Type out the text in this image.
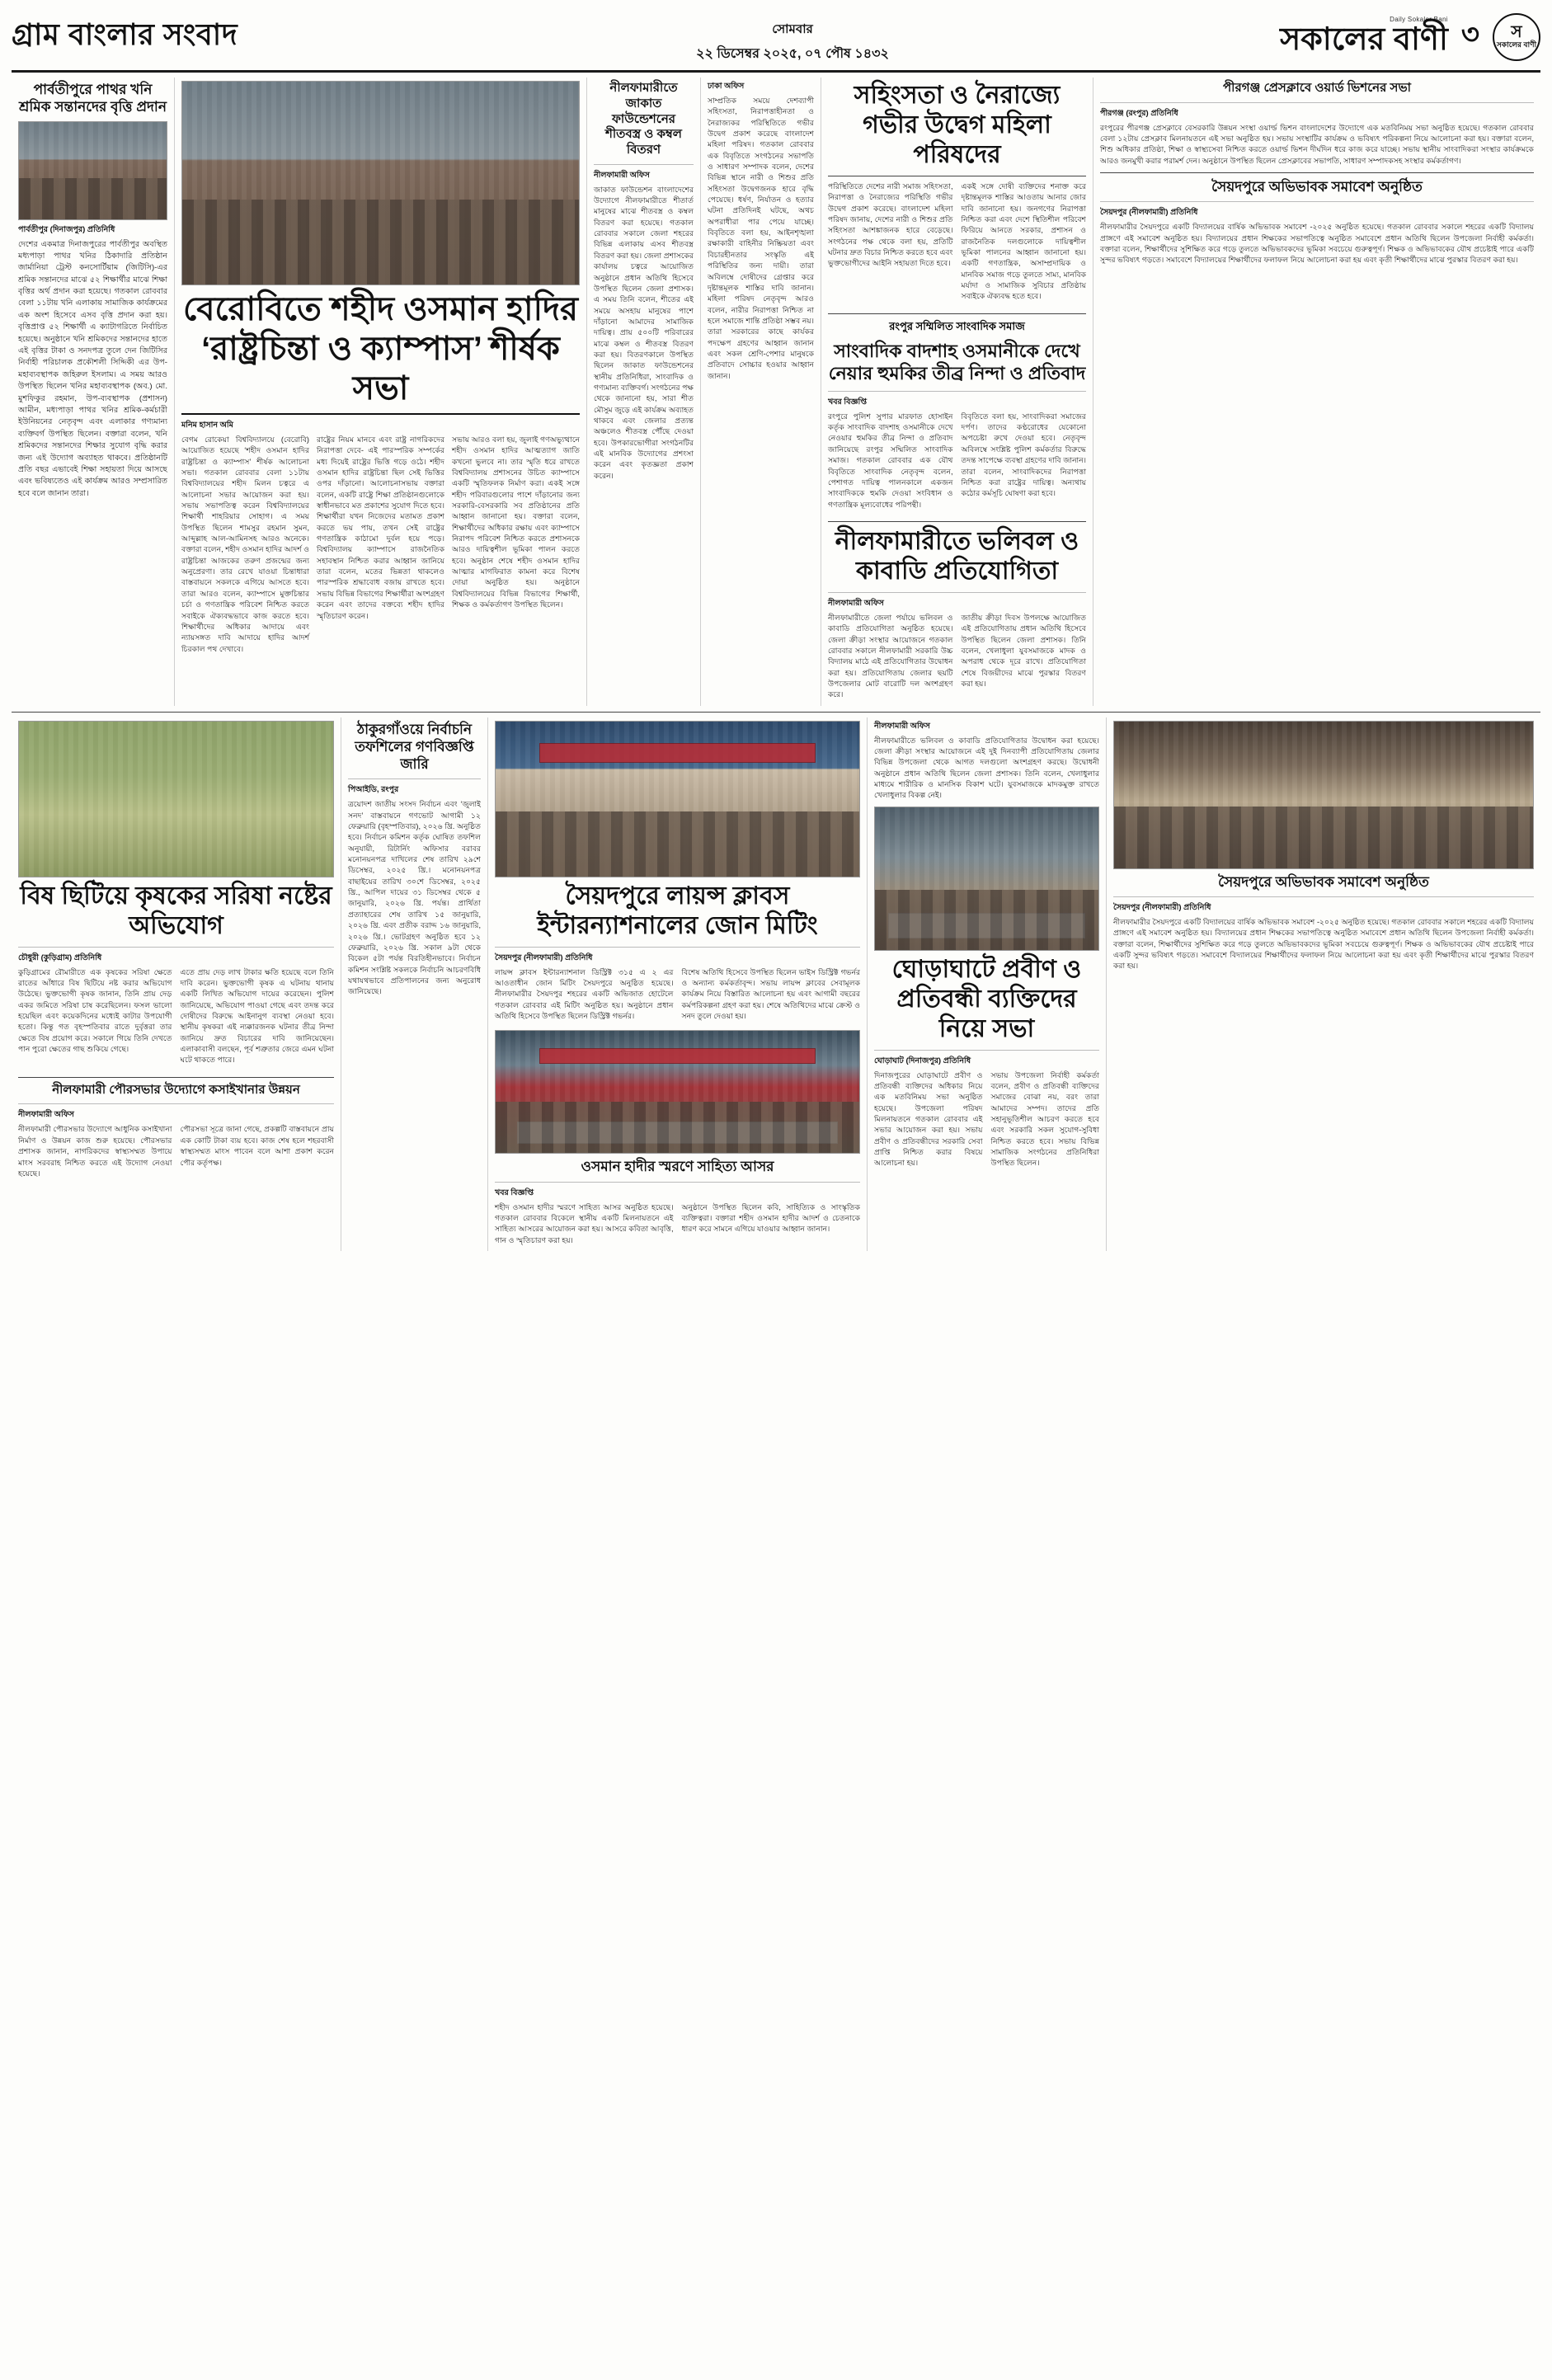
গ্রাম বাংলার সংবাদ	সোমবার
২২ ডিসেম্বর ২০২৫, ০৭ পৌষ ১৪৩২
Daily Sokaler Bani
সকালের বাণী ৩	স
সকালের বাণী
পার্বতীপুরে পাথর খনি শ্রমিক সন্তানদের বৃত্তি প্রদান
পার্বতীপুর (দিনাজপুর) প্রতিনিধি
দেশের একমাত্র দিনাজপুরের পার্বতীপুর অবস্থিত মধ্যপাড়া পাথর খনির ঠিকাদারি প্রতিষ্ঠান জার্মানিয়া ট্রেস্ট কনসোর্টিয়াম (জিটিসি)-এর শ্রমিক সন্তানদের মাঝে ৫২ শিক্ষার্থীর মাঝে শিক্ষা বৃত্তির অর্থ প্রদান করা হয়েছে। গতকাল রোববার বেলা ১১টায় খনি এলাকায় সামাজিক কার্যক্রমের এক অংশ হিসেবে এসব বৃত্তি প্রদান করা হয়। বৃত্তিপ্রাপ্ত ৫২ শিক্ষার্থী এ ক্যাটাগরিতে নির্বাচিত হয়েছে। অনুষ্ঠানে খনি শ্রমিকদের সন্তানদের হাতে এই বৃত্তির টাকা ও সনদপত্র তুলে দেন জিটিসির নির্বাহী পরিচালক প্রকৌশলী সিদ্দিকী এর উপ-মহাব্যবস্থাপক জহিরুল ইসলাম। এ সময় আরও উপস্থিত ছিলেন খনির মহাব্যবস্থাপক (অব.) মো. মুশফিকুর রহমান, উপ-ব্যবস্থাপক (প্রশাসন) আমীন, মধ্যপাড়া পাথর খনির শ্রমিক-কর্মচারী ইউনিয়নের নেতৃবৃন্দ এবং এলাকার গণ্যমান্য ব্যক্তিবর্গ উপস্থিত ছিলেন। বক্তারা বলেন, খনি শ্রমিকদের সন্তানদের শিক্ষার সুযোগ বৃদ্ধি করার জন্য এই উদ্যোগ অব্যাহত থাকবে। প্রতিষ্ঠানটি প্রতি বছর এভাবেই শিক্ষা সহায়তা দিয়ে আসছে এবং ভবিষ্যতেও এই কার্যক্রম আরও সম্প্রসারিত হবে বলে জানান তারা।
বেরোবিতে শহীদ ওসমান হাদির ‘রাষ্ট্রচিন্তা ও ক্যাম্পাস’ শীর্ষক সভা
মনিম হাসান অমি
বেগম রোকেয়া বিশ্ববিদ্যালয়ে (বেরোবি) আয়োজিত হয়েছে ‘শহীদ ওসমান হাদির রাষ্ট্রচিন্তা ও ক্যাম্পাস’ শীর্ষক আলোচনা সভা। গতকাল রোববার বেলা ১১টায় বিশ্ববিদ্যালয়ের শহীদ মিলন চত্বরে এ আলোচনা সভার আয়োজন করা হয়। সভায় সভাপতিত্ব করেন বিশ্ববিদ্যালয়ের শিক্ষার্থী শাহরিয়ার সোহাগ। এ সময় উপস্থিত ছিলেন শামসুর রহমান সুমন, আব্দুল্লাহ আল-আমিনসহ আরও অনেকে। বক্তারা বলেন, শহীদ ওসমান হাদির আদর্শ ও রাষ্ট্রচিন্তা আজকের তরুণ প্রজন্মের জন্য অনুপ্রেরণা। তার রেখে যাওয়া চিন্তাধারা বাস্তবায়নে সকলকে এগিয়ে আসতে হবে। তারা আরও বলেন, ক্যাম্পাসে মুক্তচিন্তার চর্চা ও গণতান্ত্রিক পরিবেশ নিশ্চিত করতে সবাইকে ঐক্যবদ্ধভাবে কাজ করতে হবে। শিক্ষার্থীদের অধিকার আদায়ে এবং ন্যায়সঙ্গত দাবি আদায়ে হাদির আদর্শ চিরকাল পথ দেখাবে।
রাষ্ট্রের নিয়ম মানবে এবং রাষ্ট্র নাগরিকদের নিরাপত্তা দেবে- এই পারস্পরিক সম্পর্কের মধ্য দিয়েই রাষ্ট্রের ভিত্তি গড়ে ওঠে। শহীদ ওসমান হাদির রাষ্ট্রচিন্তা ছিল সেই ভিত্তির ওপর দাঁড়ানো। আলোচনাসভায় বক্তারা বলেন, একটি রাষ্ট্রে শিক্ষা প্রতিষ্ঠানগুলোকে স্বাধীনভাবে মত প্রকাশের সুযোগ দিতে হবে। শিক্ষার্থীরা যখন নিজেদের মতামত প্রকাশ করতে ভয় পায়, তখন সেই রাষ্ট্রের গণতান্ত্রিক কাঠামো দুর্বল হয়ে পড়ে। বিশ্ববিদ্যালয় ক্যাম্পাসে রাজনৈতিক সহাবস্থান নিশ্চিত করার আহ্বান জানিয়ে তারা বলেন, মতের ভিন্নতা থাকলেও পারস্পরিক শ্রদ্ধাবোধ বজায় রাখতে হবে। সভায় বিভিন্ন বিভাগের শিক্ষার্থীরা অংশগ্রহণ করেন এবং তাদের বক্তব্যে শহীদ হাদির স্মৃতিচারণ করেন।
সভায় আরও বলা হয়, জুলাই গণঅভ্যুত্থানে শহীদ ওসমান হাদির আত্মত্যাগ জাতি কখনো ভুলবে না। তার স্মৃতি ধরে রাখতে বিশ্ববিদ্যালয় প্রশাসনের উচিত ক্যাম্পাসে একটি স্মৃতিফলক নির্মাণ করা। একই সঙ্গে শহীদ পরিবারগুলোর পাশে দাঁড়ানোর জন্য সরকারি-বেসরকারি সব প্রতিষ্ঠানের প্রতি আহ্বান জানানো হয়। বক্তারা বলেন, শিক্ষার্থীদের অধিকার রক্ষায় এবং ক্যাম্পাসে নিরাপদ পরিবেশ নিশ্চিত করতে প্রশাসনকে আরও দায়িত্বশীল ভূমিকা পালন করতে হবে। অনুষ্ঠান শেষে শহীদ ওসমান হাদির আত্মার মাগফিরাত কামনা করে বিশেষ দোয়া অনুষ্ঠিত হয়। অনুষ্ঠানে বিশ্ববিদ্যালয়ের বিভিন্ন বিভাগের শিক্ষার্থী, শিক্ষক ও কর্মকর্তাগণ উপস্থিত ছিলেন।
নীলফামারীতে জাকাত ফাউন্ডেশনের শীতবস্ত্র ও কম্বল বিতরণ
নীলফামারী অফিস
জাকাত ফাউন্ডেশন বাংলাদেশের উদ্যোগে নীলফামারীতে শীতার্ত মানুষের মাঝে শীতবস্ত্র ও কম্বল বিতরণ করা হয়েছে। গতকাল রোববার সকালে জেলা শহরের বিভিন্ন এলাকায় এসব শীতবস্ত্র বিতরণ করা হয়। জেলা প্রশাসকের কার্যালয় চত্বরে আয়োজিত অনুষ্ঠানে প্রধান অতিথি হিসেবে উপস্থিত ছিলেন জেলা প্রশাসক। এ সময় তিনি বলেন, শীতের এই সময়ে অসহায় মানুষের পাশে দাঁড়ানো আমাদের সামাজিক দায়িত্ব। প্রায় ৫০০টি পরিবারের মাঝে কম্বল ও শীতবস্ত্র বিতরণ করা হয়। বিতরণকালে উপস্থিত ছিলেন জাকাত ফাউন্ডেশনের স্থানীয় প্রতিনিধিরা, সাংবাদিক ও গণ্যমান্য ব্যক্তিবর্গ। সংগঠনের পক্ষ থেকে জানানো হয়, সারা শীত মৌসুম জুড়ে এই কার্যক্রম অব্যাহত থাকবে এবং জেলার প্রত্যন্ত অঞ্চলেও শীতবস্ত্র পৌঁছে দেওয়া হবে। উপকারভোগীরা সংগঠনটির এই মানবিক উদ্যোগের প্রশংসা করেন এবং কৃতজ্ঞতা প্রকাশ করেন।
ঢাকা অফিস
সাম্প্রতিক সময়ে দেশব্যাপী সহিংসতা, নিরাপত্তাহীনতা ও নৈরাজ্যকর পরিস্থিতিতে গভীর উদ্বেগ প্রকাশ করেছে বাংলাদেশ মহিলা পরিষদ। গতকাল রোববার এক বিবৃতিতে সংগঠনের সভাপতি ও সাধারণ সম্পাদক বলেন, দেশের বিভিন্ন স্থানে নারী ও শিশুর প্রতি সহিংসতা উদ্বেগজনক হারে বৃদ্ধি পেয়েছে। ধর্ষণ, নির্যাতন ও হত্যার ঘটনা প্রতিদিনই ঘটছে, অথচ অপরাধীরা পার পেয়ে যাচ্ছে। বিবৃতিতে বলা হয়, আইনশৃঙ্খলা রক্ষাকারী বাহিনীর নিষ্ক্রিয়তা এবং বিচারহীনতার সংস্কৃতি এই পরিস্থিতির জন্য দায়ী। তারা অবিলম্বে দোষীদের গ্রেপ্তার করে দৃষ্টান্তমূলক শাস্তির দাবি জানান। মহিলা পরিষদ নেতৃবৃন্দ আরও বলেন, নারীর নিরাপত্তা নিশ্চিত না হলে সমাজে শান্তি প্রতিষ্ঠা সম্ভব নয়। তারা সরকারের কাছে কার্যকর পদক্ষেপ গ্রহণের আহ্বান জানান এবং সকল শ্রেণি-পেশার মানুষকে প্রতিবাদে সোচ্চার হওয়ার আহ্বান জানান।
সহিংসতা ও নৈরাজ্যে গভীর উদ্বেগ মহিলা পরিষদের
পরিস্থিতিতে দেশের নারী সমাজ সহিংসতা, নিরাপত্তা ও নৈরাজ্যের পরিস্থিতি গভীর উদ্বেগ প্রকাশ করেছে। বাংলাদেশ মহিলা পরিষদ জানায়, দেশের নারী ও শিশুর প্রতি সহিংসতা আশঙ্কাজনক হারে বেড়েছে। সংগঠনের পক্ষ থেকে বলা হয়, প্রতিটি ঘটনার দ্রুত বিচার নিশ্চিত করতে হবে এবং ভুক্তভোগীদের আইনি সহায়তা দিতে হবে।
একই সঙ্গে দোষী ব্যক্তিদের শনাক্ত করে দৃষ্টান্তমূলক শাস্তির আওতায় আনার জোর দাবি জানানো হয়। জনগণের নিরাপত্তা নিশ্চিত করা এবং দেশে স্থিতিশীল পরিবেশ ফিরিয়ে আনতে সরকার, প্রশাসন ও রাজনৈতিক দলগুলোকে দায়িত্বশীল ভূমিকা পালনের আহ্বান জানানো হয়। একটি গণতান্ত্রিক, অসাম্প্রদায়িক ও মানবিক সমাজ গড়ে তুলতে সাম্য, মানবিক মর্যাদা ও সামাজিক সুবিচার প্রতিষ্ঠায় সবাইকে ঐক্যবদ্ধ হতে হবে।
রংপুর সম্মিলিত সাংবাদিক সমাজ
সাংবাদিক বাদশাহ ওসমানীকে দেখে নেয়ার হুমকির তীব্র নিন্দা ও প্রতিবাদ
খবর বিজ্ঞপ্তি
রংপুরে পুলিশ সুপার মারফাত হোসাইন কর্তৃক সাংবাদিক বাদশাহ ওসমানীকে দেখে নেওয়ার হুমকির তীব্র নিন্দা ও প্রতিবাদ জানিয়েছে রংপুর সম্মিলিত সাংবাদিক সমাজ। গতকাল রোববার এক যৌথ বিবৃতিতে সাংবাদিক নেতৃবৃন্দ বলেন, পেশাগত দায়িত্ব পালনকালে একজন সাংবাদিককে হুমকি দেওয়া সংবিধান ও গণতান্ত্রিক মূল্যবোধের পরিপন্থী।
বিবৃতিতে বলা হয়, সাংবাদিকরা সমাজের দর্পণ। তাদের কণ্ঠরোধের যেকোনো অপচেষ্টা রুখে দেওয়া হবে। নেতৃবৃন্দ অবিলম্বে সংশ্লিষ্ট পুলিশ কর্মকর্তার বিরুদ্ধে তদন্ত সাপেক্ষে ব্যবস্থা গ্রহণের দাবি জানান। তারা বলেন, সাংবাদিকদের নিরাপত্তা নিশ্চিত করা রাষ্ট্রের দায়িত্ব। অন্যথায় কঠোর কর্মসূচি ঘোষণা করা হবে।
নীলফামারীতে ভলিবল ও কাবাডি প্রতিযোগিতা
নীলফামারী অফিস
নীলফামারীতে জেলা পর্যায়ে ভলিবল ও কাবাডি প্রতিযোগিতা অনুষ্ঠিত হয়েছে। জেলা ক্রীড়া সংস্থার আয়োজনে গতকাল রোববার সকালে নীলফামারী সরকারি উচ্চ বিদ্যালয় মাঠে এই প্রতিযোগিতার উদ্বোধন করা হয়। প্রতিযোগিতায় জেলার ছয়টি উপজেলার মোট বারোটি দল অংশগ্রহণ করে।
জাতীয় ক্রীড়া দিবস উপলক্ষে আয়োজিত এই প্রতিযোগিতায় প্রধান অতিথি হিসেবে উপস্থিত ছিলেন জেলা প্রশাসক। তিনি বলেন, খেলাধুলা যুবসমাজকে মাদক ও অপরাধ থেকে দূরে রাখে। প্রতিযোগিতা শেষে বিজয়ীদের মাঝে পুরস্কার বিতরণ করা হয়।
পীরগঞ্জ প্রেসক্লাবে ওয়ার্ড ভিশনের সভা
পীরগঞ্জ (রংপুর) প্রতিনিধি
রংপুরের পীরগঞ্জ প্রেসক্লাবে বেসরকারি উন্নয়ন সংস্থা ওয়ার্ল্ড ভিশন বাংলাদেশের উদ্যোগে এক মতবিনিময় সভা অনুষ্ঠিত হয়েছে। গতকাল রোববার বেলা ১২টায় প্রেসক্লাব মিলনায়তনে এই সভা অনুষ্ঠিত হয়। সভায় সংস্থাটির কার্যক্রম ও ভবিষ্যৎ পরিকল্পনা নিয়ে আলোচনা করা হয়। বক্তারা বলেন, শিশু অধিকার প্রতিষ্ঠা, শিক্ষা ও স্বাস্থ্যসেবা নিশ্চিত করতে ওয়ার্ল্ড ভিশন দীর্ঘদিন ধরে কাজ করে যাচ্ছে। সভায় স্থানীয় সাংবাদিকরা সংস্থার কার্যক্রমকে আরও জনমুখী করার পরামর্শ দেন। অনুষ্ঠানে উপস্থিত ছিলেন প্রেসক্লাবের সভাপতি, সাধারণ সম্পাদকসহ সংস্থার কর্মকর্তাগণ।
সৈয়দপুরে অভিভাবক সমাবেশ অনুষ্ঠিত
সৈয়দপুর (নীলফামারী) প্রতিনিধি
নীলফামারীর সৈয়দপুরে একটি বিদ্যালয়ের বার্ষিক অভিভাবক সমাবেশ -২০২৫ অনুষ্ঠিত হয়েছে। গতকাল রোববার সকালে শহরের একটি বিদ্যালয় প্রাঙ্গণে এই সমাবেশ অনুষ্ঠিত হয়। বিদ্যালয়ের প্রধান শিক্ষকের সভাপতিত্বে অনুষ্ঠিত সমাবেশে প্রধান অতিথি ছিলেন উপজেলা নির্বাহী কর্মকর্তা। বক্তারা বলেন, শিক্ষার্থীদের সুশিক্ষিত করে গড়ে তুলতে অভিভাবকদের ভূমিকা সবচেয়ে গুরুত্বপূর্ণ। শিক্ষক ও অভিভাবকের যৌথ প্রচেষ্টাই পারে একটি সুন্দর ভবিষ্যৎ গড়তে। সমাবেশে বিদ্যালয়ের শিক্ষার্থীদের ফলাফল নিয়ে আলোচনা করা হয় এবং কৃতী শিক্ষার্থীদের মাঝে পুরস্কার বিতরণ করা হয়।
বিষ ছিটিয়ে কৃষকের সরিষা নষ্টের অভিযোগ
চৌধুরী (কুড়িগ্রাম) প্রতিনিধি
কুড়িগ্রামের রৌমারীতে এক কৃষকের সরিষা ক্ষেতে রাতের আঁধারে বিষ ছিটিয়ে নষ্ট করার অভিযোগ উঠেছে। ভুক্তভোগী কৃষক জানান, তিনি প্রায় দেড় একর জমিতে সরিষা চাষ করেছিলেন। ফসল ভালো হয়েছিল এবং কয়েকদিনের মধ্যেই কাটার উপযোগী হতো। কিন্তু গত বৃহস্পতিবার রাতে দুর্বৃত্তরা তার ক্ষেতে বিষ প্রয়োগ করে। সকালে গিয়ে তিনি দেখতে পান পুরো ক্ষেতের গাছ শুকিয়ে গেছে।
এতে প্রায় দেড় লাখ টাকার ক্ষতি হয়েছে বলে তিনি দাবি করেন। ভুক্তভোগী কৃষক এ ঘটনায় থানায় একটি লিখিত অভিযোগ দায়ের করেছেন। পুলিশ জানিয়েছে, অভিযোগ পাওয়া গেছে এবং তদন্ত করে দোষীদের বিরুদ্ধে আইনানুগ ব্যবস্থা নেওয়া হবে। স্থানীয় কৃষকরা এই ন্যক্কারজনক ঘটনার তীব্র নিন্দা জানিয়ে দ্রুত বিচারের দাবি জানিয়েছেন। এলাকাবাসী বলছেন, পূর্ব শত্রুতার জেরে এমন ঘটনা ঘটে থাকতে পারে।
নীলফামারী পৌরসভার উদ্যোগে কসাইখানার উন্নয়ন
নীলফামারী অফিস
নীলফামারী পৌরসভার উদ্যোগে আধুনিক কসাইখানা নির্মাণ ও উন্নয়ন কাজ শুরু হয়েছে। পৌরসভার প্রশাসক জানান, নাগরিকদের স্বাস্থ্যসম্মত উপায়ে মাংস সরবরাহ নিশ্চিত করতে এই উদ্যোগ নেওয়া হয়েছে।
পৌরসভা সূত্রে জানা গেছে, প্রকল্পটি বাস্তবায়নে প্রায় এক কোটি টাকা ব্যয় হবে। কাজ শেষ হলে শহরবাসী স্বাস্থ্যসম্মত মাংস পাবেন বলে আশা প্রকাশ করেন পৌর কর্তৃপক্ষ।
ঠাকুরগাঁওয়ে নির্বাচনি তফশিলের গণবিজ্ঞপ্তি জারি
পিআইডি, রংপুর
ত্রয়োদশ জাতীয় সংসদ নির্বাচন এবং ‘জুলাই সনদ’ বাস্তবায়নে গণভোট আগামী ১২ ফেব্রুয়ারি (বৃহস্পতিবার), ২০২৬ খ্রি. অনুষ্ঠিত হবে। নির্বাচন কমিশন কর্তৃক ঘোষিত তফশিল অনুযায়ী, রিটার্নিং অফিসার বরাবর মনোনয়নপত্র দাখিলের শেষ তারিখ ২৯শে ডিসেম্বর, ২০২৫ খ্রি.। মনোনয়নপত্র বাছাইয়ের তারিখ ৩০শে ডিসেম্বর, ২০২৫ খ্রি., আপিল দায়ের ৩১ ডিসেম্বর থেকে ৫ জানুয়ারি, ২০২৬ খ্রি. পর্যন্ত। প্রার্থিতা প্রত্যাহারের শেষ তারিখ ১৫ জানুয়ারি, ২০২৬ খ্রি. এবং প্রতীক বরাদ্দ ১৬ জানুয়ারি, ২০২৬ খ্রি.। ভোটগ্রহণ অনুষ্ঠিত হবে ১২ ফেব্রুয়ারি, ২০২৬ খ্রি. সকাল ৯টা থেকে বিকেল ৫টা পর্যন্ত বিরতিহীনভাবে। নির্বাচন কমিশন সংশ্লিষ্ট সকলকে নির্বাচনি আচরণবিধি যথাযথভাবে প্রতিপালনের জন্য অনুরোধ জানিয়েছে।
সৈয়দপুরে লায়ন্স ক্লাবস ইন্টারন্যাশনালের জোন মিটিং
সৈয়দপুর (নীলফামারী) প্রতিনিধি
লায়ন্স ক্লাবস ইন্টারন্যাশনাল ডিস্ট্রিক্ট ৩১৫ এ ২ এর আওতাধীন জোন মিটিং সৈয়দপুরে অনুষ্ঠিত হয়েছে। নীলফামারীর সৈয়দপুর শহরের একটি অভিজাত হোটেলে গতকাল রোববার এই মিটিং অনুষ্ঠিত হয়। অনুষ্ঠানে প্রধান অতিথি হিসেবে উপস্থিত ছিলেন ডিস্ট্রিক্ট গভর্নর।
বিশেষ অতিথি হিসেবে উপস্থিত ছিলেন ভাইস ডিস্ট্রিক্ট গভর্নর ও অন্যান্য কর্মকর্তাবৃন্দ। সভায় লায়ন্স ক্লাবের সেবামূলক কার্যক্রম নিয়ে বিস্তারিত আলোচনা হয় এবং আগামী বছরের কর্মপরিকল্পনা গ্রহণ করা হয়। শেষে অতিথিদের মাঝে ক্রেস্ট ও সনদ তুলে দেওয়া হয়।
ওসমান হাদীর স্মরণে সাহিত্য আসর
খবর বিজ্ঞপ্তি
শহীদ ওসমান হাদীর স্মরণে সাহিত্য আসর অনুষ্ঠিত হয়েছে। গতকাল রোববার বিকেলে স্থানীয় একটি মিলনায়তনে এই সাহিত্য আসরের আয়োজন করা হয়। আসরে কবিতা আবৃত্তি, গান ও স্মৃতিচারণ করা হয়।
অনুষ্ঠানে উপস্থিত ছিলেন কবি, সাহিত্যিক ও সাংস্কৃতিক ব্যক্তিত্বরা। বক্তারা শহীদ ওসমান হাদীর আদর্শ ও চেতনাকে ধারণ করে সামনে এগিয়ে যাওয়ার আহ্বান জানান।
নীলফামারী অফিস
নীলফামারীতে ভলিবল ও কাবাডি প্রতিযোগিতার উদ্বোধন করা হয়েছে। জেলা ক্রীড়া সংস্থার আয়োজনে এই দুই দিনব্যাপী প্রতিযোগিতায় জেলার বিভিন্ন উপজেলা থেকে আগত দলগুলো অংশগ্রহণ করছে। উদ্বোধনী অনুষ্ঠানে প্রধান অতিথি ছিলেন জেলা প্রশাসক। তিনি বলেন, খেলাধুলার মাধ্যমে শারীরিক ও মানসিক বিকাশ ঘটে। যুবসমাজকে মাদকমুক্ত রাখতে খেলাধুলার বিকল্প নেই।
ঘোড়াঘাটে প্রবীণ ও প্রতিবন্ধী ব্যক্তিদের নিয়ে সভা
ঘোড়াঘাট (দিনাজপুর) প্রতিনিধি
দিনাজপুরের ঘোড়াঘাটে প্রবীণ ও প্রতিবন্ধী ব্যক্তিদের অধিকার নিয়ে এক মতবিনিময় সভা অনুষ্ঠিত হয়েছে। উপজেলা পরিষদ মিলনায়তনে গতকাল রোববার এই সভার আয়োজন করা হয়। সভায় প্রবীণ ও প্রতিবন্ধীদের সরকারি সেবা প্রাপ্তি নিশ্চিত করার বিষয়ে আলোচনা হয়।
সভায় উপজেলা নির্বাহী কর্মকর্তা বলেন, প্রবীণ ও প্রতিবন্ধী ব্যক্তিদের সমাজের বোঝা নয়, বরং তারা আমাদের সম্পদ। তাদের প্রতি সহানুভূতিশীল আচরণ করতে হবে এবং সরকারি সকল সুযোগ-সুবিধা নিশ্চিত করতে হবে। সভায় বিভিন্ন সামাজিক সংগঠনের প্রতিনিধিরা উপস্থিত ছিলেন।
সৈয়দপুরে অভিভাবক সমাবেশ অনুষ্ঠিত
সৈয়দপুর (নীলফামারী) প্রতিনিধি
নীলফামারীর সৈয়দপুরে একটি বিদ্যালয়ের বার্ষিক অভিভাবক সমাবেশ -২০২৫ অনুষ্ঠিত হয়েছে। গতকাল রোববার সকালে শহরের একটি বিদ্যালয় প্রাঙ্গণে এই সমাবেশ অনুষ্ঠিত হয়। বিদ্যালয়ের প্রধান শিক্ষকের সভাপতিত্বে অনুষ্ঠিত সমাবেশে প্রধান অতিথি ছিলেন উপজেলা নির্বাহী কর্মকর্তা। বক্তারা বলেন, শিক্ষার্থীদের সুশিক্ষিত করে গড়ে তুলতে অভিভাবকদের ভূমিকা সবচেয়ে গুরুত্বপূর্ণ। শিক্ষক ও অভিভাবকের যৌথ প্রচেষ্টাই পারে একটি সুন্দর ভবিষ্যৎ গড়তে। সমাবেশে বিদ্যালয়ের শিক্ষার্থীদের ফলাফল নিয়ে আলোচনা করা হয় এবং কৃতী শিক্ষার্থীদের মাঝে পুরস্কার বিতরণ করা হয়।
